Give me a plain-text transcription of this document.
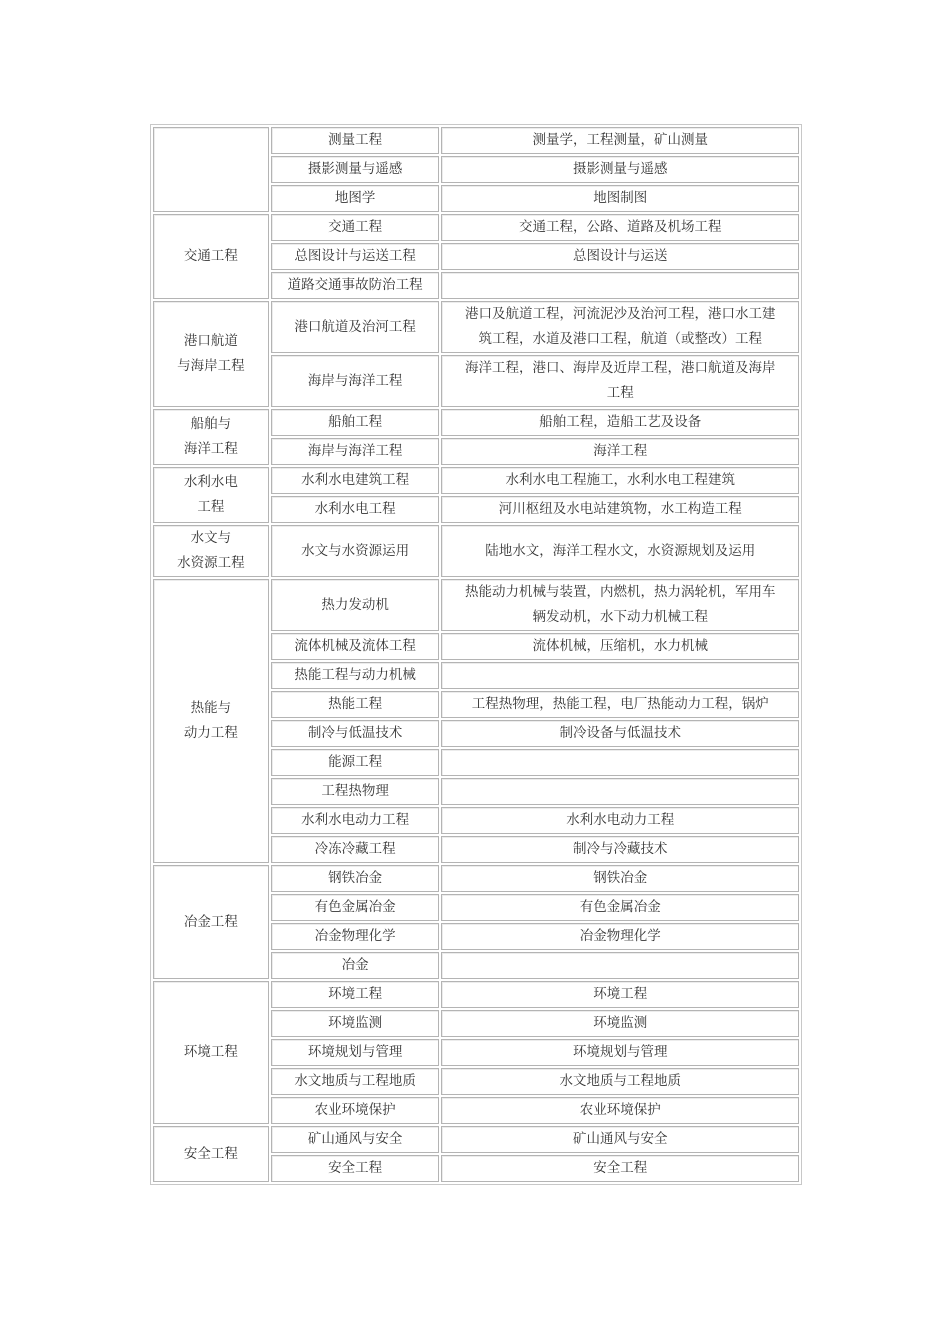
	测量工程	测量学，工程测量，矿山测量

	摄影测量与遥感	摄影测量与遥感

	地图学	地图制图

交通工程	交通工程	交通工程，公路、道路及机场工程

	总图设计与运送工程	总图设计与运送

	道路交通事故防治工程	

港口航道
与海岸工程	港口航道及治河工程	港口及航道工程，河流泥沙及治河工程，港口水工建
筑工程，水道及港口工程，航道（或整改）工程

	海岸与海洋工程	海洋工程，港口、海岸及近岸工程，港口航道及海岸
工程

船舶与
海洋工程	船舶工程	船舶工程，造船工艺及设备

	海岸与海洋工程	海洋工程

水利水电
工程	水利水电建筑工程	水利水电工程施工，水利水电工程建筑

	水利水电工程	河川枢纽及水电站建筑物，水工构造工程

水文与
水资源工程	水文与水资源运用	陆地水文，海洋工程水文，水资源规划及运用

热能与
动力工程	热力发动机	热能动力机械与装置，内燃机，热力涡轮机，军用车
辆发动机，水下动力机械工程

	流体机械及流体工程	流体机械，压缩机，水力机械

	热能工程与动力机械	

	热能工程	工程热物理，热能工程，电厂热能动力工程，锅炉

	制冷与低温技术	制冷设备与低温技术

	能源工程	

	工程热物理	

	水利水电动力工程	水利水电动力工程

	冷冻冷藏工程	制冷与冷藏技术

冶金工程	钢铁冶金	钢铁冶金

	有色金属冶金	有色金属冶金

	冶金物理化学	冶金物理化学

	冶金	

环境工程	环境工程	环境工程

	环境监测	环境监测

	环境规划与管理	环境规划与管理

	水文地质与工程地质	水文地质与工程地质

	农业环境保护	农业环境保护

安全工程	矿山通风与安全	矿山通风与安全

	安全工程	安全工程
